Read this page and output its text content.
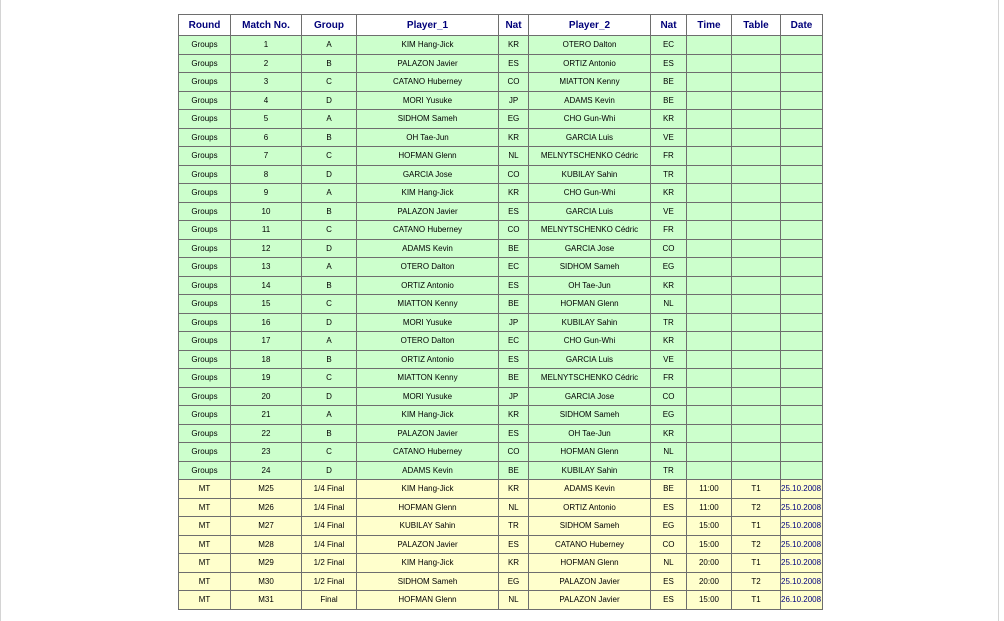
Round	Match No.	Group	Player_1	Nat	Player_2	Nat	Time	Table	Date
Groups	1	A	KIM Hang-Jick	KR	OTERO Dalton	EC			
Groups	2	B	PALAZON Javier	ES	ORTIZ Antonio	ES			
Groups	3	C	CATANO Huberney	CO	MIATTON Kenny	BE			
Groups	4	D	MORI Yusuke	JP	ADAMS Kevin	BE			
Groups	5	A	SIDHOM Sameh	EG	CHO Gun-Whi	KR			
Groups	6	B	OH Tae-Jun	KR	GARCIA Luis	VE			
Groups	7	C	HOFMAN Glenn	NL	MELNYTSCHENKO Cédric	FR			
Groups	8	D	GARCIA Jose	CO	KUBILAY Sahin	TR			
Groups	9	A	KIM Hang-Jick	KR	CHO Gun-Whi	KR			
Groups	10	B	PALAZON Javier	ES	GARCIA Luis	VE			
Groups	11	C	CATANO Huberney	CO	MELNYTSCHENKO Cédric	FR			
Groups	12	D	ADAMS Kevin	BE	GARCIA Jose	CO			
Groups	13	A	OTERO Dalton	EC	SIDHOM Sameh	EG			
Groups	14	B	ORTIZ Antonio	ES	OH Tae-Jun	KR			
Groups	15	C	MIATTON Kenny	BE	HOFMAN Glenn	NL			
Groups	16	D	MORI Yusuke	JP	KUBILAY Sahin	TR			
Groups	17	A	OTERO Dalton	EC	CHO Gun-Whi	KR			
Groups	18	B	ORTIZ Antonio	ES	GARCIA Luis	VE			
Groups	19	C	MIATTON Kenny	BE	MELNYTSCHENKO Cédric	FR			
Groups	20	D	MORI Yusuke	JP	GARCIA Jose	CO			
Groups	21	A	KIM Hang-Jick	KR	SIDHOM Sameh	EG			
Groups	22	B	PALAZON Javier	ES	OH Tae-Jun	KR			
Groups	23	C	CATANO Huberney	CO	HOFMAN Glenn	NL			
Groups	24	D	ADAMS Kevin	BE	KUBILAY Sahin	TR			
MT	M25	1/4 Final	KIM Hang-Jick	KR	ADAMS Kevin	BE	11:00	T1	25.10.2008
MT	M26	1/4 Final	HOFMAN Glenn	NL	ORTIZ Antonio	ES	11:00	T2	25.10.2008
MT	M27	1/4 Final	KUBILAY Sahin	TR	SIDHOM Sameh	EG	15:00	T1	25.10.2008
MT	M28	1/4 Final	PALAZON Javier	ES	CATANO Huberney	CO	15:00	T2	25.10.2008
MT	M29	1/2 Final	KIM Hang-Jick	KR	HOFMAN Glenn	NL	20:00	T1	25.10.2008
MT	M30	1/2 Final	SIDHOM Sameh	EG	PALAZON Javier	ES	20:00	T2	25.10.2008
MT	M31	Final	HOFMAN Glenn	NL	PALAZON Javier	ES	15:00	T1	26.10.2008
